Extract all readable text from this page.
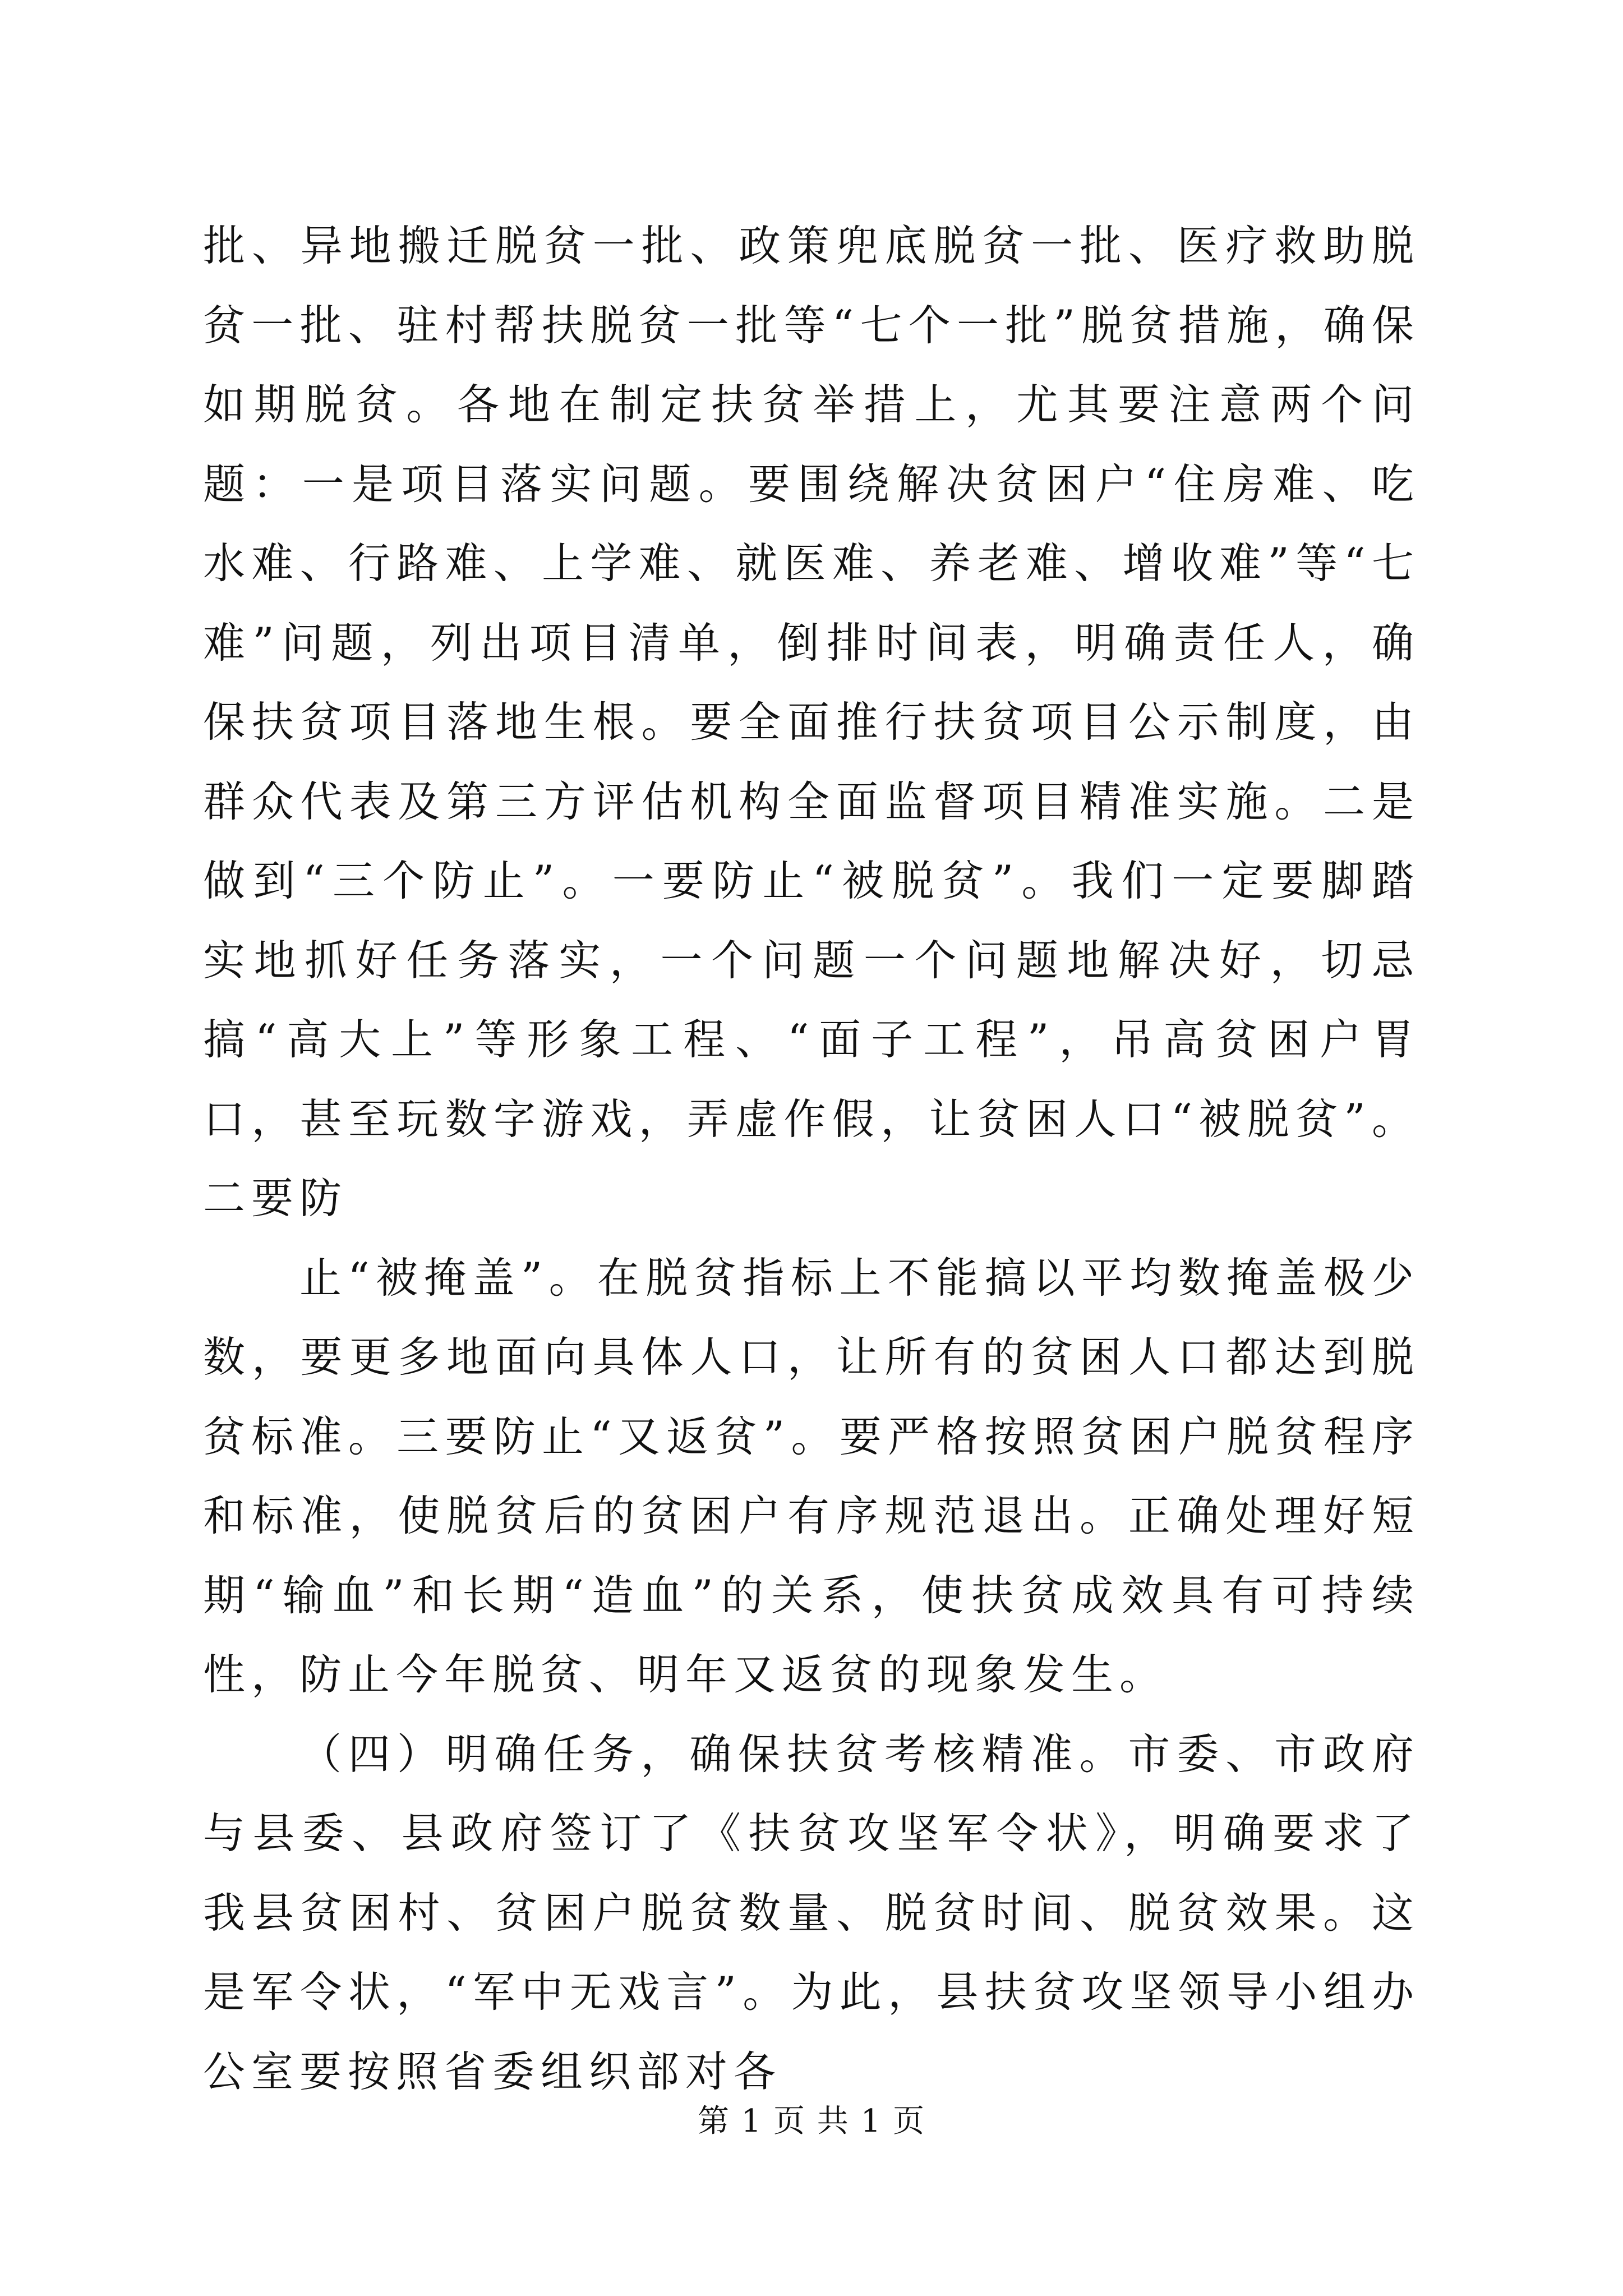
批、异地搬迁脱贫一批、政策兜底脱贫一批、医疗救助脱贫一批、驻村帮扶脱贫一批等“七个一批”脱贫措施，确保如期脱贫。各地在制定扶贫举措上，尤其要注意两个问题：一是项目落实问题。要围绕解决贫困户“住房难、吃水难、行路难、上学难、就医难、养老难、增收难”等“七难”问题，列出项目清单，倒排时间表，明确责任人，确保扶贫项目落地生根。要全面推行扶贫项目公示制度，由群众代表及第三方评估机构全面监督项目精准实施。二是做到“三个防止”。一要防止“被脱贫”。我们一定要脚踏实地抓好任务落实，一个问题一个问题地解决好，切忌搞“高大上”等形象工程、“面子工程”，吊高贫困户胃口，甚至玩数字游戏，弄虚作假，让贫困人口“被脱贫”。二要防

止“被掩盖”。在脱贫指标上不能搞以平均数掩盖极少数，要更多地面向具体人口，让所有的贫困人口都达到脱贫标准。三要防止“又返贫”。要严格按照贫困户脱贫程序和标准，使脱贫后的贫困户有序规范退出。正确处理好短期“输血”和长期“造血”的关系，使扶贫成效具有可持续性，防止今年脱贫、明年又返贫的现象发生。

（四）明确任务，确保扶贫考核精准。市委、市政府与县委、县政府签订了《扶贫攻坚军令状》，明确要求了我县贫困村、贫困户脱贫数量、脱贫时间、脱贫效果。这是军令状，“军中无戏言”。为此，县扶贫攻坚领导小组办公室要按照省委组织部对各

第 1 页 共 1 页
